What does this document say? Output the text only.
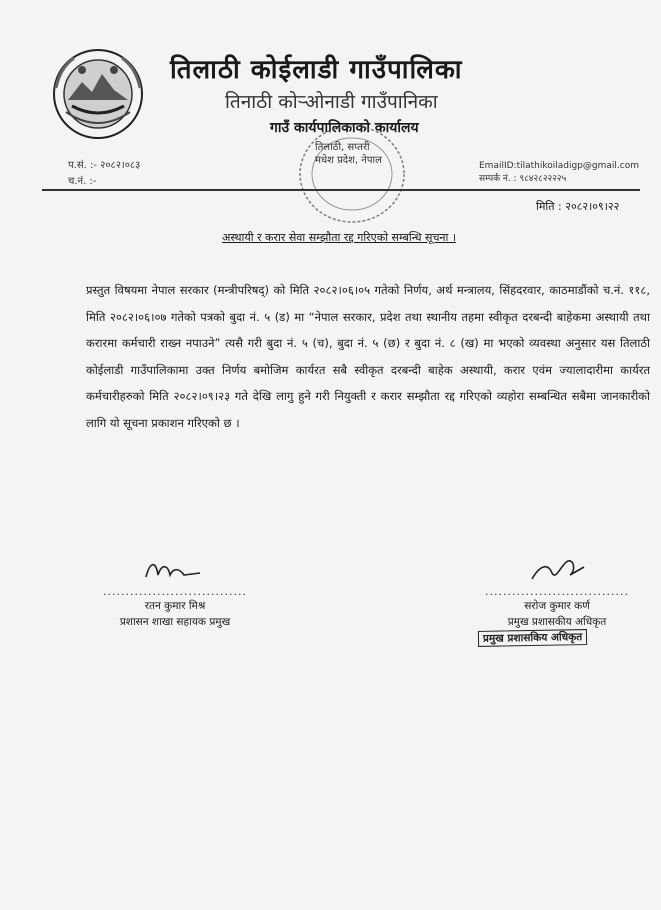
तिलाठी कोईलाडी गाउँपालिका
तिनाठी कोर्‍ओनाडी गाउँपानिका
गाउँ कार्यपालिकाको कार्यालय
तिलाठी, सप्तरी
मधेश प्रदेश, नेपाल
प.सं. :- २०८२।०८३
च.नं. :-
EmailID:tilathikoiladigp@gmail.com
सम्पर्क नं. : ९८४२८२२२२५
मिति : २०८२।०९।२२
अस्थायी र करार सेवा सम्झौता रद्द गरिएको सम्बन्धि सूचना ।
प्रस्तुत विषयमा नेपाल सरकार (मन्त्रीपरिषद्) को मिति २०८२।०६।०५ गतेको निर्णय, अर्थ मन्त्रालय, सिंहदरवार, काठमाडौंको च.नं. ११८, मिति २०८२।०६।०७ गतेको पत्रको बुदा नं. ५ (ड) मा “नेपाल सरकार, प्रदेश तथा स्थानीय तहमा स्वीकृत दरबन्दी बाहेकमा अस्थायी तथा करारमा कर्मचारी राख्न नपाउने” त्यसै गरी बुदा नं. ५ (च), बुदा नं. ५ (छ) र बुदा नं. ८ (ख) मा भएको व्यवस्था अनुसार यस तिलाठी कोईलाडी गाउँपालिकामा उक्त निर्णय बमोजिम कार्यरत सबै स्वीकृत दरबन्दी बाहेक अस्थायी, करार एवंम ज्यालादारीमा कार्यरत कर्मचारीहरुको मिति २०८२।०९।२३ गते देखि लागु हुने गरी नियुक्ती र करार सम्झौता रद्द गरिएको व्यहोरा सम्बन्धित सबैमा जानकारीको लागि यो सूचना प्रकाशन गरिएको छ ।
................................
रतन कुमार मिश्र
प्रशासन शाखा सहायक प्रमुख
................................
सरोज कुमार कर्ण
प्रमुख प्रशासकीय अधिकृत
प्रमुख प्रशासकिय अधिकृत
